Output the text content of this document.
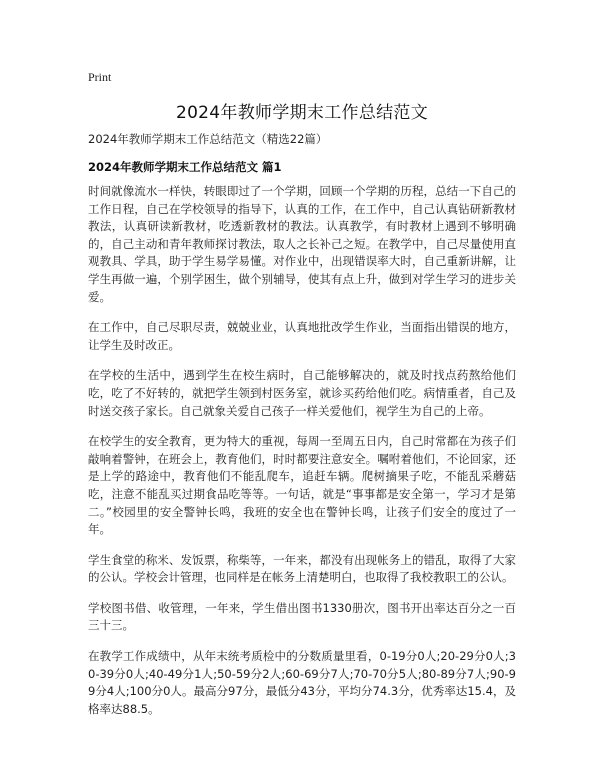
Print
2024年教师学期末工作总结范文
2024年教师学期末工作总结范文（精选22篇）
2024年教师学期末工作总结范文 篇1

时间就像流水一样快，转眼即过了一个学期，回顾一个学期的历程，总结一下自己的工作日程，自己在学校领导的指导下，认真的工作，在工作中，自己认真钻研新教材教法，认真研读新教材，吃透新教材的教法。认真教学，有时教材上遇到不够明确的，自己主动和青年教师探讨教法，取人之长补己之短。在教学中，自己尽量使用直观教具、学具，助于学生易学易懂。对作业中，出现错误率大时，自己重新讲解，让学生再做一遍，个别学困生，做个别辅导，使其有点上升，做到对学生学习的进步关爱。

在工作中，自己尽职尽责，兢兢业业，认真地批改学生作业，当面指出错误的地方，让学生及时改正。

在学校的生活中，遇到学生在校生病时，自己能够解决的，就及时找点药熬给他们吃，吃了不好转的，就把学生领到村医务室，就诊买药给他们吃。病情重者，自己及时送交孩子家长。自己就象关爱自己孩子一样关爱他们，视学生为自己的上帝。

在校学生的安全教育，更为特大的重视，每周一至周五日内，自己时常都在为孩子们敲响着警钟，在班会上，教育他们，时时都要注意安全。嘱咐着他们，不论回家，还是上学的路途中，教育他们不能乱爬车，追赶车辆。爬树摘果子吃，不能乱采蘑菇吃，注意不能乱买过期食品吃等等。一句话，就是“事事都是安全第一，学习才是第二。”校园里的安全警钟长鸣，我班的安全也在警钟长鸣，让孩子们安全的度过了一年。

学生食堂的称米、发饭票，称柴等，一年来，都没有出现帐务上的错乱，取得了大家的公认。学校会计管理，也同样是在帐务上清楚明白，也取得了我校教职工的公认。

学校图书借、收管理，一年来，学生借出图书1330册次，图书开出率达百分之一百三十三。

在教学工作成绩中，从年末统考质检中的分数质量里看，0-19分0人;20-29分0人;30-39分0人;40-49分1人;50-59分2人;60-69分7人;70-70分5人;80-89分7人;90-99分4人;100分0人。最高分97分，最低分43分，平均分74.3分，优秀率达15.4，及格率达88.5。
